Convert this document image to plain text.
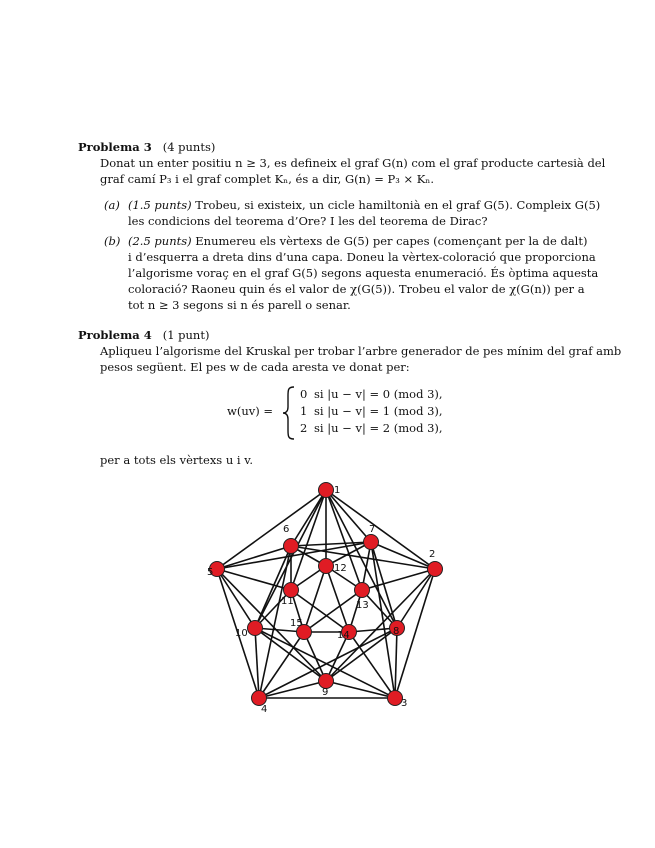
Problema 3 (4 punts)
Donat un enter positiu n ≥ 3, es defineix el graf G(n) com el graf producte cartesià del
graf camí P₃ i el graf complet Kₙ, és a dir, G(n) = P₃ × Kₙ.
(a) (1.5 punts) Trobeu, si existeix, un cicle hamiltonià en el graf G(5). Compleix G(5)
les condicions del teorema d’Ore? I les del teorema de Dirac?
(b) (2.5 punts) Enumereu els vèrtexs de G(5) per capes (començant per la de dalt)
i d’esquerra a dreta dins d’una capa. Doneu la vèrtex-coloració que proporciona
l’algorisme voraç en el graf G(5) segons aquesta enumeració. És òptima aquesta
coloració? Raoneu quin és el valor de χ(G(5)). Trobeu el valor de χ(G(n)) per a
tot n ≥ 3 segons si n és parell o senar.
Problema 4 (1 punt)
Apliqueu l’algorisme del Kruskal per trobar l’arbre generador de pes mínim del graf amb
pesos següent. El pes w de cada aresta ve donat per:
w(uv) =
0 si |u − v| = 0 (mod 3),
1 si |u − v| = 1 (mod 3),
2 si |u − v| = 2 (mod 3),
per a tots els vèrtexs u i v.
1
2
3
4
5
6	7
8
9
10
11
12
13
14
15
